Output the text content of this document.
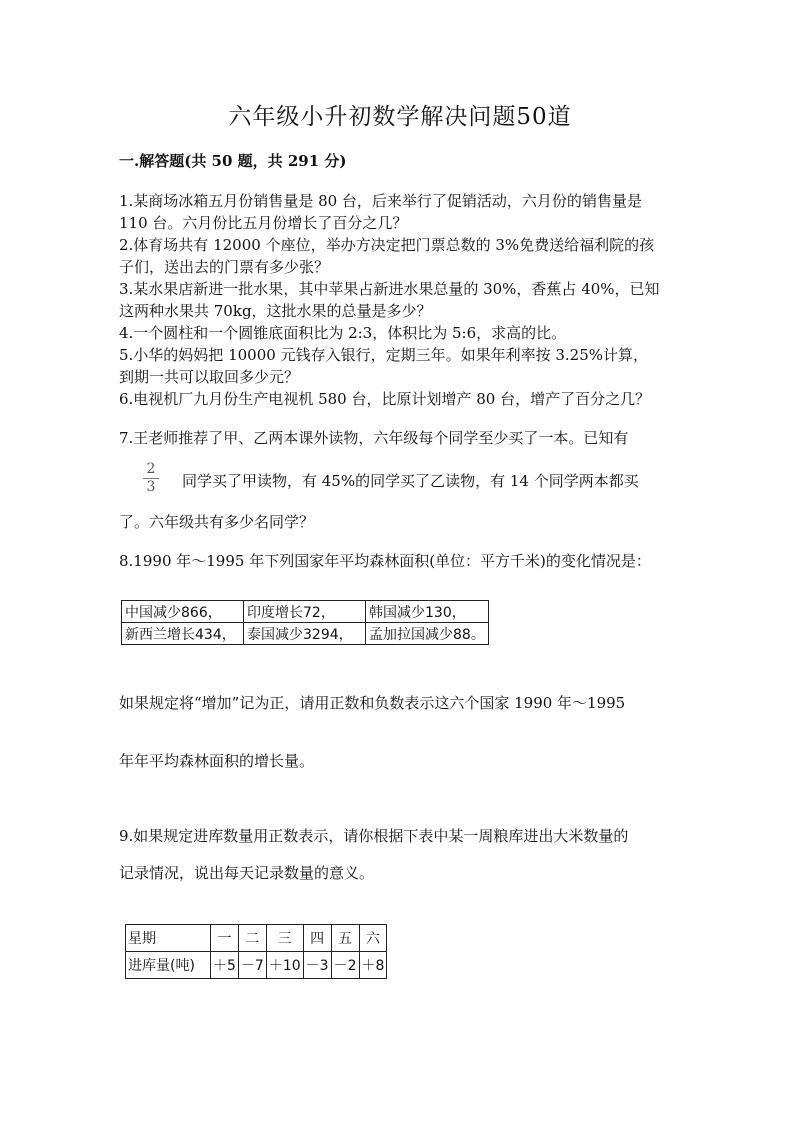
六年级小升初数学解决问题50道
一.解答题(共 50 题，共 291 分)
1.某商场冰箱五月份销售量是 80 台，后来举行了促销活动，六月份的销售量是
110 台。六月份比五月份增长了百分之几？
2.体育场共有 12000 个座位，举办方决定把门票总数的 3%免费送给福利院的孩
子们，送出去的门票有多少张？
3.某水果店新进一批水果，其中苹果占新进水果总量的 30%，香蕉占 40%，已知
这两种水果共 70kg，这批水果的总量是多少？
4.一个圆柱和一个圆锥底面积比为 2:3，体积比为 5:6，求高的比。
5.小华的妈妈把 10000 元钱存入银行，定期三年。如果年利率按 3.25%计算，
到期一共可以取回多少元？
6.电视机厂九月份生产电视机 580 台，比原计划增产 80 台，增产了百分之几？
7.王老师推荐了甲、乙两本课外读物，六年级每个同学至少买了一本。已知有
2
3 同学买了甲读物，有 45%的同学买了乙读物，有 14 个同学两本都买
了。六年级共有多少名同学？
8.1990 年～1995 年下列国家年平均森林面积(单位：平方千米)的变化情况是：
中国减少866，	印度增长72，	韩国减少130，
新西兰增长434，	泰国减少3294，	孟加拉国减少88。
如果规定将“增加”记为正，请用正数和负数表示这六个国家 1990 年～1995
年年平均森林面积的增长量。
9.如果规定进库数量用正数表示，请你根据下表中某一周粮库进出大米数量的
记录情况，说出每天记录数量的意义。
星期	一	二	三	四	五	六
进库量(吨)	＋5	－7	＋10	－3	－2	＋8
